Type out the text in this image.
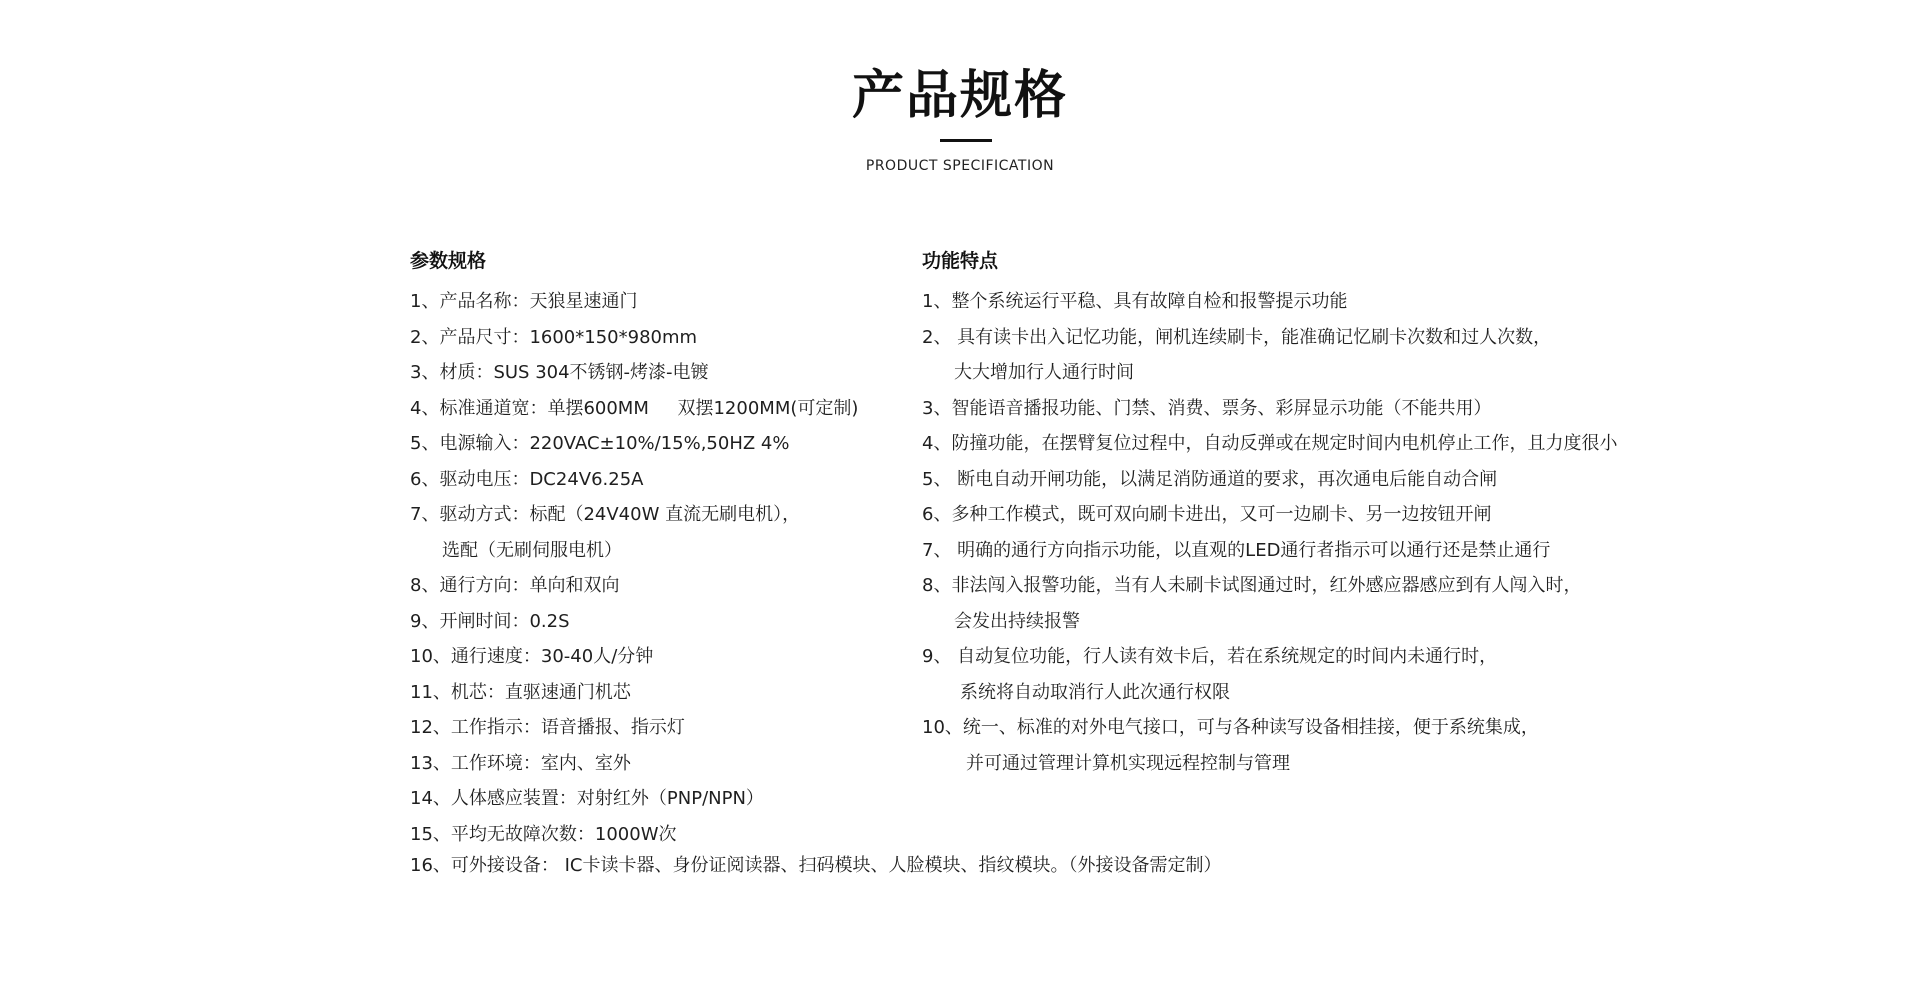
产品规格
PRODUCT SPECIFICATION
参数规格
1、产品名称：天狼星速通门
2、产品尺寸：1600*150*980mm
3、材质：SUS 304不锈钢-烤漆-电镀
4、标准通道宽：单摆600MM     双摆1200MM(可定制)
5、电源输入：220VAC±10%/15%,50HZ 4%
6、驱动电压：DC24V6.25A
7、驱动方式：标配（24V40W 直流无刷电机），
选配（无刷伺服电机）
8、通行方向：单向和双向
9、开闸时间：0.2S
10、通行速度：30-40人/分钟
11、机芯：直驱速通门机芯
12、工作指示：语音播报、指示灯
13、工作环境：室内、室外
14、人体感应装置：对射红外（PNP/NPN）
15、平均无故障次数：1000W次
功能特点
1、整个系统运行平稳、具有故障自检和报警提示功能
2、 具有读卡出入记忆功能，闸机连续刷卡，能准确记忆刷卡次数和过人次数，
大大增加行人通行时间
3、智能语音播报功能、门禁、消费、票务、彩屏显示功能（不能共用）
4、防撞功能，在摆臂复位过程中，自动反弹或在规定时间内电机停止工作，且力度很小
5、 断电自动开闸功能，以满足消防通道的要求，再次通电后能自动合闸
6、多种工作模式，既可双向刷卡进出，又可一边刷卡、另一边按钮开闸
7、 明确的通行方向指示功能，以直观的LED通行者指示可以通行还是禁止通行
8、非法闯入报警功能，当有人未刷卡试图通过时，红外感应器感应到有人闯入时，
会发出持续报警
9、 自动复位功能，行人读有效卡后，若在系统规定的时间内未通行时，
系统将自动取消行人此次通行权限
10、统一、标准的对外电气接口，可与各种读写设备相挂接，便于系统集成，
并可通过管理计算机实现远程控制与管理
16、可外接设备： IC卡读卡器、身份证阅读器、扫码模块、人脸模块、指纹模块。（外接设备需定制）
